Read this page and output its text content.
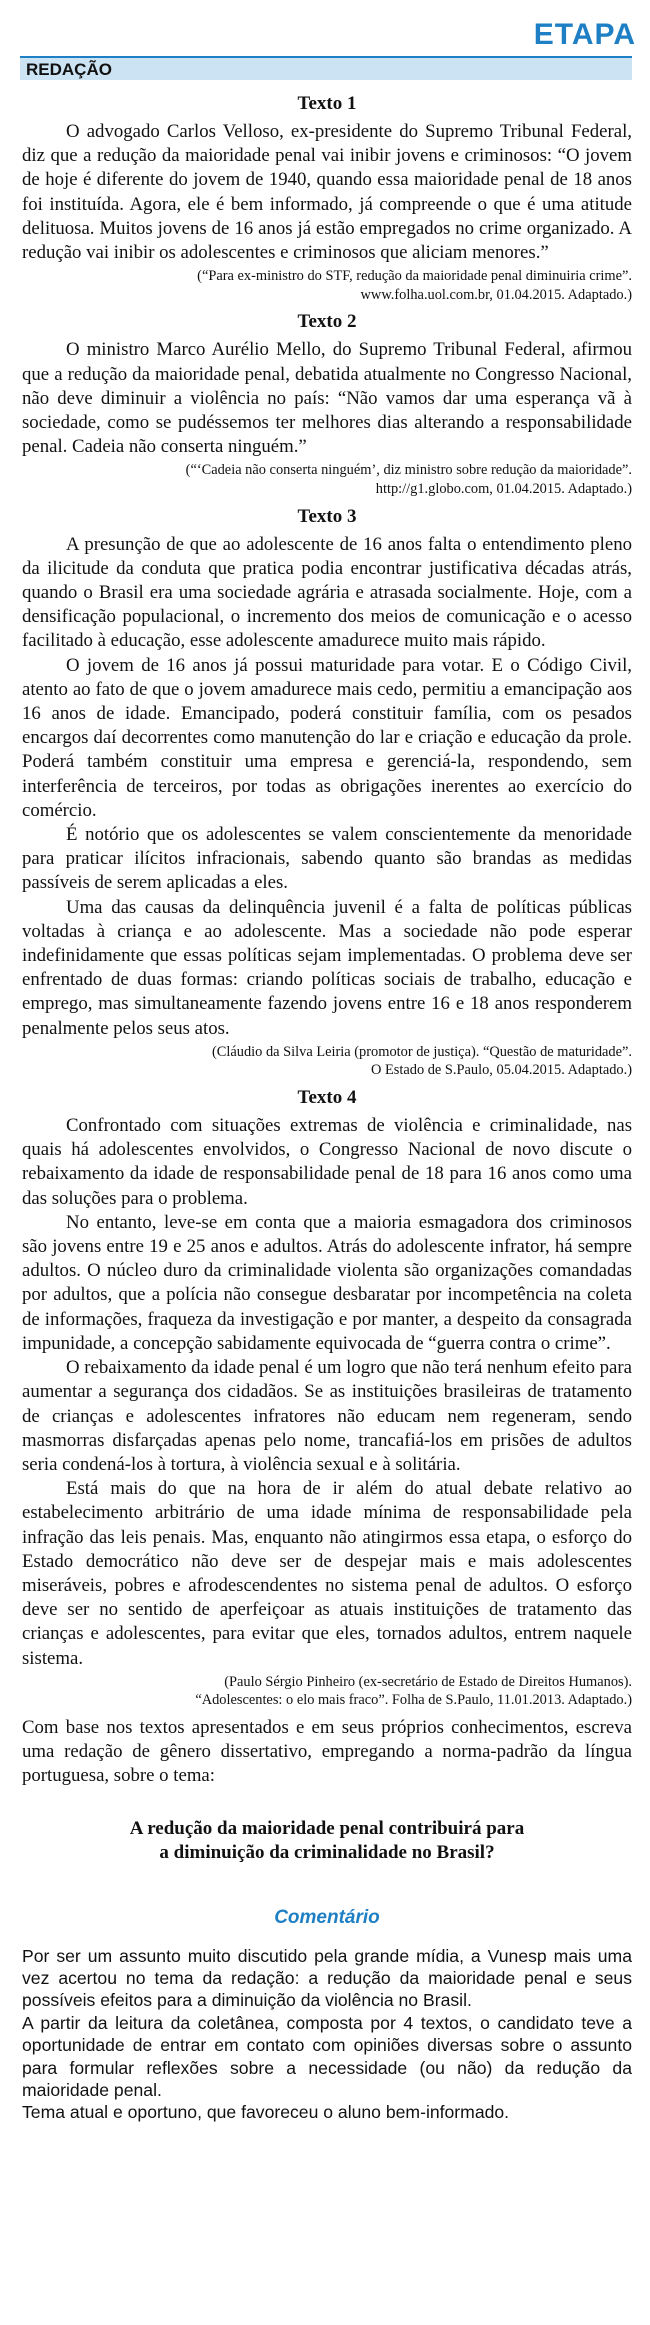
ETAPA
REDAÇÃO

Texto 1

O advogado Carlos Velloso, ex-presidente do Supremo Tribunal Federal, diz que a redução da maioridade penal vai inibir jovens e criminosos: “O jovem de hoje é diferente do jovem de 1940, quando essa maioridade penal de 18 anos foi instituída. Agora, ele é bem informado, já compreende o que é uma atitude delituosa. Muitos jovens de 16 anos já estão empregados no crime organizado. A redução vai inibir os adolescentes e criminosos que aliciam menores.”

(“Para ex-ministro do STF, redução da maioridade penal diminuiria crime”.
www.folha.uol.com.br, 01.04.2015. Adaptado.)

Texto 2

O ministro Marco Aurélio Mello, do Supremo Tribunal Federal, afirmou que a redução da maioridade penal, debatida atualmente no Congresso Nacional, não deve diminuir a violência no país: “Não vamos dar uma esperança vã à sociedade, como se pudéssemos ter melhores dias alterando a responsabilidade penal. Cadeia não conserta ninguém.”

(“‘Cadeia não conserta ninguém’, diz ministro sobre redução da maioridade”.
http://g1.globo.com, 01.04.2015. Adaptado.)

Texto 3

A presunção de que ao adolescente de 16 anos falta o entendimento pleno da ilicitude da conduta que pratica podia encontrar justificativa décadas atrás, quando o Brasil era uma sociedade agrária e atrasada socialmente. Hoje, com a densificação populacional, o incremento dos meios de comunicação e o acesso facilitado à educação, esse adolescente amadurece muito mais rápido.

O jovem de 16 anos já possui maturidade para votar. E o Código Civil, atento ao fato de que o jovem amadurece mais cedo, permitiu a emancipação aos 16 anos de idade. Emancipado, poderá constituir família, com os pesados encargos daí decorrentes como manutenção do lar e criação e educação da prole. Poderá também constituir uma empresa e gerenciá-la, respondendo, sem interferência de terceiros, por todas as obrigações inerentes ao exercício do comércio.

É notório que os adolescentes se valem conscientemente da menoridade para praticar ilícitos infracionais, sabendo quanto são brandas as medidas passíveis de serem aplicadas a eles.

Uma das causas da delinquência juvenil é a falta de políticas públicas voltadas à criança e ao adolescente. Mas a sociedade não pode esperar indefinidamente que essas políticas sejam implementadas. O problema deve ser enfrentado de duas formas: criando políticas sociais de trabalho, educação e emprego, mas simultaneamente fazendo jovens entre 16 e 18 anos responderem penalmente pelos seus atos.

(Cláudio da Silva Leiria (promotor de justiça). “Questão de maturidade”.
O Estado de S.Paulo, 05.04.2015. Adaptado.)

Texto 4

Confrontado com situações extremas de violência e criminalidade, nas quais há adolescentes envolvidos, o Congresso Nacional de novo discute o rebaixamento da idade de responsabilidade penal de 18 para 16 anos como uma das soluções para o problema.

No entanto, leve-se em conta que a maioria esmagadora dos criminosos são jovens entre 19 e 25 anos e adultos. Atrás do adolescente infrator, há sempre adultos. O núcleo duro da criminalidade violenta são organizações comandadas por adultos, que a polícia não consegue desbaratar por incompetência na coleta de informações, fraqueza da investigação e por manter, a despeito da consagrada impunidade, a concepção sabidamente equivocada de “guerra contra o crime”.

O rebaixamento da idade penal é um logro que não terá nenhum efeito para aumentar a segurança dos cidadãos. Se as instituições brasileiras de tratamento de crianças e adolescentes infratores não educam nem regeneram, sendo masmorras disfarçadas apenas pelo nome, trancafiá-los em prisões de adultos seria condená-los à tortura, à violência sexual e à solitária.

Está mais do que na hora de ir além do atual debate relativo ao estabelecimento arbitrário de uma idade mínima de responsabilidade pela infração das leis penais. Mas, enquanto não atingirmos essa etapa, o esforço do Estado democrático não deve ser de despejar mais e mais adolescentes miseráveis, pobres e afrodescendentes no sistema penal de adultos. O esforço deve ser no sentido de aperfeiçoar as atuais instituições de tratamento das crianças e adolescentes, para evitar que eles, tornados adultos, entrem naquele sistema.

(Paulo Sérgio Pinheiro (ex-secretário de Estado de Direitos Humanos).
“Adolescentes: o elo mais fraco”. Folha de S.Paulo, 11.01.2013. Adaptado.)

Com base nos textos apresentados e em seus próprios conhecimentos, escreva uma redação de gênero dissertativo, empregando a norma-padrão da língua portuguesa, sobre o tema:

A redução da maioridade penal contribuirá para
a diminuição da criminalidade no Brasil?
Comentário

Por ser um assunto muito discutido pela grande mídia, a Vunesp mais uma vez acertou no tema da redação: a redução da maioridade penal e seus possíveis efeitos para a diminuição da violência no Brasil.

A partir da leitura da coletânea, composta por 4 textos, o candidato teve a oportunidade de entrar em contato com opiniões diversas sobre o assunto para formular reflexões sobre a necessidade (ou não) da redução da maioridade penal.

Tema atual e oportuno, que favoreceu o aluno bem-informado.
